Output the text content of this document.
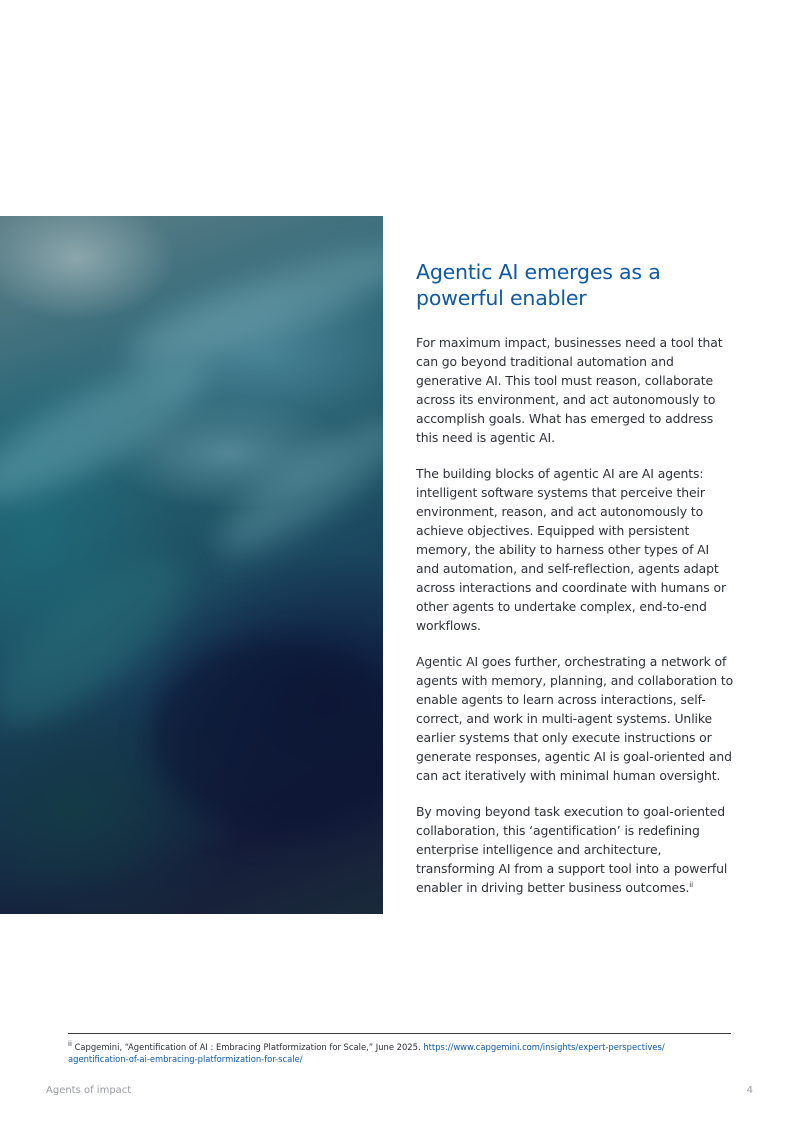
Agentic AI emerges as a
powerful enabler

For maximum impact, businesses need a tool that can go beyond traditional automation and generative AI. This tool must reason, collaborate across its environment, and act autonomously to accomplish goals. What has emerged to address this need is agentic AI.

The building blocks of agentic AI are AI agents: intelligent software systems that perceive their environment, reason, and act autonomously to achieve objectives. Equipped with persistent memory, the ability to harness other types of AI and automation, and self-reflection, agents adapt across interactions and coordinate with humans or other agents to undertake complex, end-to-end workflows.

Agentic AI goes further, orchestrating a network of agents with memory, planning, and collaboration to enable agents to learn across interactions, self-correct, and work in multi-agent systems. Unlike earlier systems that only execute instructions or generate responses, agentic AI is goal-oriented and can act iteratively with minimal human oversight.

By moving beyond task execution to goal-oriented collaboration, this ‘agentification’ is redefining enterprise intelligence and architecture, transforming AI from a support tool into a powerful enabler in driving better business outcomes.$^{ii}$

$^{ii}$ Capgemini, “Agentification of AI : Embracing Platformization for Scale,” June 2025. https://www.capgemini.com/insights/expert-perspectives/
agentification-of-ai-embracing-platformization-for-scale/
Agents of impact	4
